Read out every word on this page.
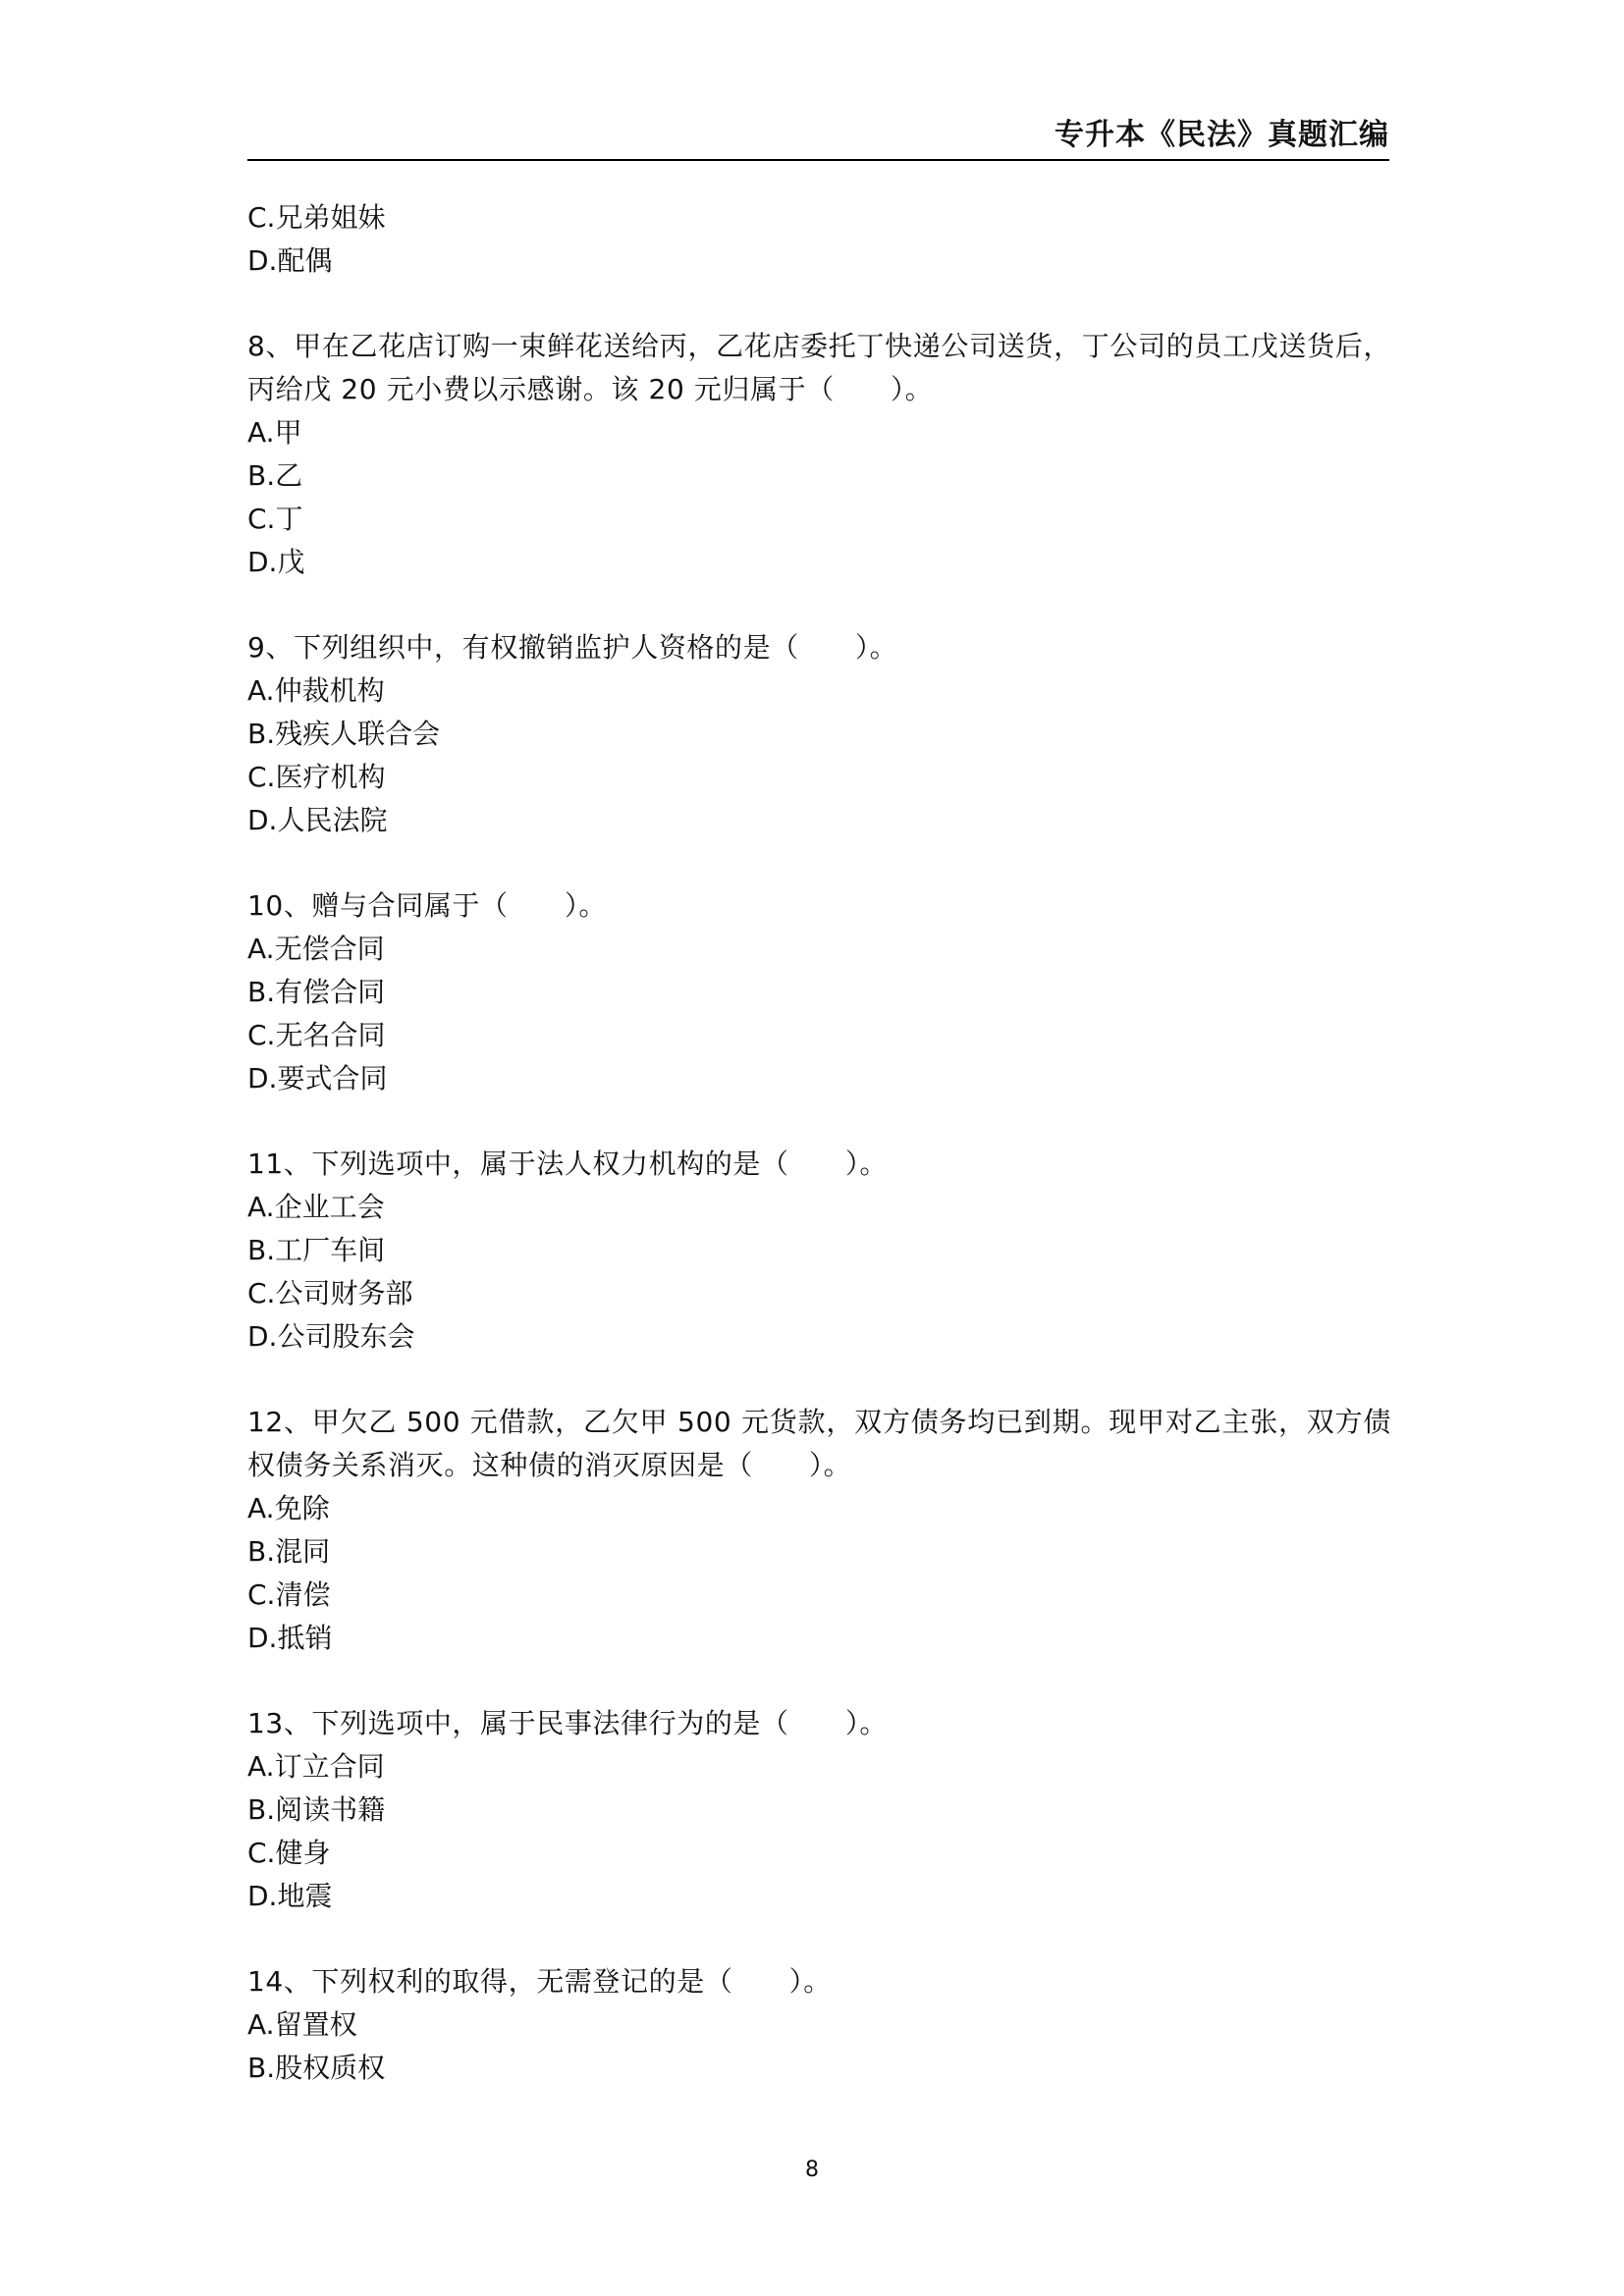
专升本《民法》真题汇编
C.兄弟姐妹
D.配偶
8、甲在乙花店订购一束鲜花送给丙，乙花店委托丁快递公司送货，丁公司的员工戊送货后，丙给戊 20 元小费以示感谢。该 20 元归属于（　　）。
A.甲
B.乙
C.丁
D.戊
9、下列组织中，有权撤销监护人资格的是（　　）。
A.仲裁机构
B.残疾人联合会
C.医疗机构
D.人民法院
10、赠与合同属于（　　）。
A.无偿合同
B.有偿合同
C.无名合同
D.要式合同
11、下列选项中，属于法人权力机构的是（　　）。
A.企业工会
B.工厂车间
C.公司财务部
D.公司股东会
12、甲欠乙 500 元借款，乙欠甲 500 元货款，双方债务均已到期。现甲对乙主张，双方债权债务关系消灭。这种债的消灭原因是（　　）。
A.免除
B.混同
C.清偿
D.抵销
13、下列选项中，属于民事法律行为的是（　　）。
A.订立合同
B.阅读书籍
C.健身
D.地震
14、下列权利的取得，无需登记的是（　　）。
A.留置权
B.股权质权
8
